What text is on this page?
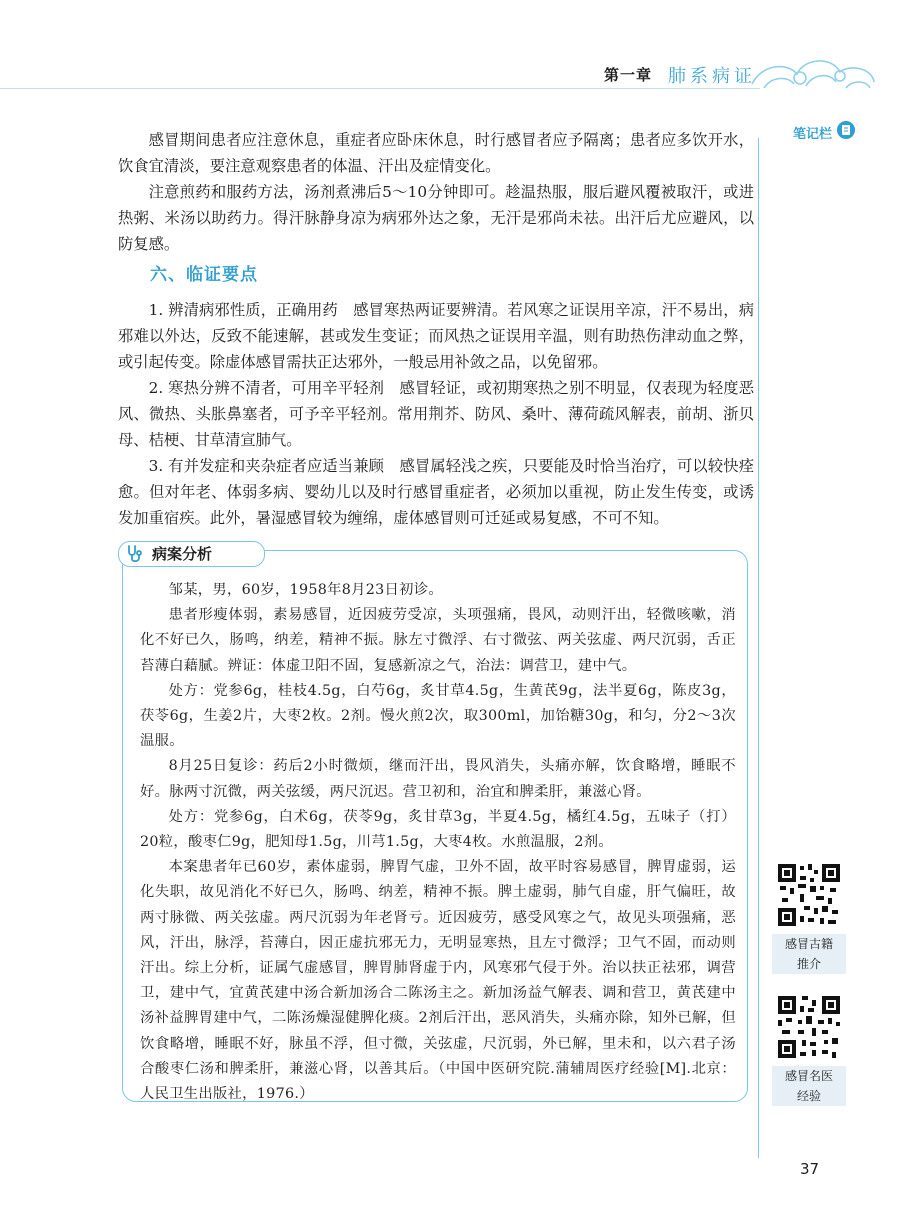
第一章 肺系病证
笔记栏

感冒期间患者应注意休息，重症者应卧床休息，时行感冒者应予隔离；患者应多饮开水，饮食宜清淡，要注意观察患者的体温、汗出及症情变化。

注意煎药和服药方法，汤剂煮沸后5～10分钟即可。趁温热服，服后避风覆被取汗，或进热粥、米汤以助药力。得汗脉静身凉为病邪外达之象，无汗是邪尚未祛。出汗后尤应避风，以防复感。

六、临证要点

1. 辨清病邪性质，正确用药　感冒寒热两证要辨清。若风寒之证误用辛凉，汗不易出，病邪难以外达，反致不能速解，甚或发生变证；而风热之证误用辛温，则有助热伤津动血之弊，或引起传变。除虚体感冒需扶正达邪外，一般忌用补敛之品，以免留邪。

2. 寒热分辨不清者，可用辛平轻剂　感冒轻证，或初期寒热之别不明显，仅表现为轻度恶风、微热、头胀鼻塞者，可予辛平轻剂。常用荆芥、防风、桑叶、薄荷疏风解表，前胡、浙贝母、桔梗、甘草清宣肺气。

3. 有并发症和夹杂症者应适当兼顾　感冒属轻浅之疾，只要能及时恰当治疗，可以较快痊愈。但对年老、体弱多病、婴幼儿以及时行感冒重症者，必须加以重视，防止发生传变，或诱发加重宿疾。此外，暑湿感冒较为缠绵，虚体感冒则可迁延或易复感，不可不知。

病案分析

邹某，男，60岁，1958年8月23日初诊。

患者形瘦体弱，素易感冒，近因疲劳受凉，头项强痛，畏风，动则汗出，轻微咳嗽，消化不好已久，肠鸣，纳差，精神不振。脉左寸微浮、右寸微弦、两关弦虚、两尺沉弱，舌正苔薄白藉腻。辨证：体虚卫阳不固，复感新凉之气，治法：调营卫，建中气。

处方：党参6g，桂枝4.5g，白芍6g，炙甘草4.5g，生黄芪9g，法半夏6g，陈皮3g，茯苓6g，生姜2片，大枣2枚。2剂。慢火煎2次，取300ml，加饴糖30g，和匀，分2～3次温服。

8月25日复诊：药后2小时微烦，继而汗出，畏风消失，头痛亦解，饮食略增，睡眠不好。脉两寸沉微，两关弦缓，两尺沉迟。营卫初和，治宜和脾柔肝，兼滋心肾。

处方：党参6g，白术6g，茯苓9g，炙甘草3g，半夏4.5g，橘红4.5g，五味子（打）20粒，酸枣仁9g，肥知母1.5g，川芎1.5g，大枣4枚。水煎温服，2剂。

本案患者年已60岁，素体虚弱，脾胃气虚，卫外不固，故平时容易感冒，脾胃虚弱，运化失职，故见消化不好已久，肠鸣、纳差，精神不振。脾土虚弱，肺气自虚，肝气偏旺，故两寸脉微、两关弦虚。两尺沉弱为年老肾亏。近因疲劳，感受风寒之气，故见头项强痛，恶风，汗出，脉浮，苔薄白，因正虚抗邪无力，无明显寒热，且左寸微浮；卫气不固，而动则汗出。综上分析，证属气虚感冒，脾胃肺肾虚于内，风寒邪气侵于外。治以扶正祛邪，调营卫，建中气，宜黄芪建中汤合新加汤合二陈汤主之。新加汤益气解表、调和营卫，黄芪建中汤补益脾胃建中气，二陈汤燥湿健脾化痰。2剂后汗出，恶风消失，头痛亦除，知外已解，但饮食略增，睡眠不好，脉虽不浮，但寸微，关弦虚，尺沉弱，外已解，里未和，以六君子汤合酸枣仁汤和脾柔肝，兼滋心肾，以善其后。（中国中医研究院.蒲辅周医疗经验[M].北京：人民卫生出版社，1976.）

感冒古籍
推介
感冒名医
经验
37
